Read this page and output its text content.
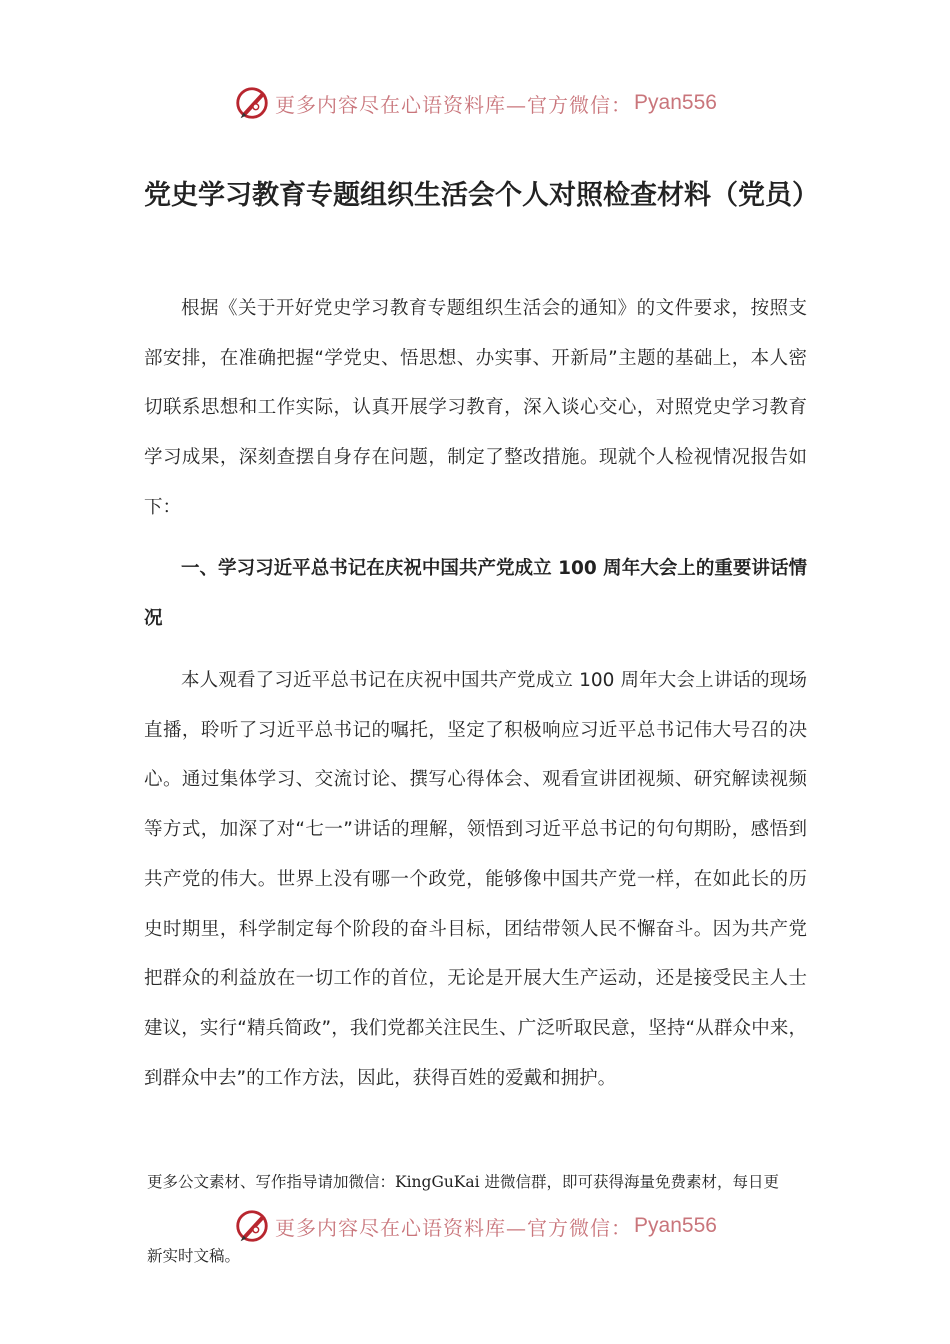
更多内容尽在心语资料库—官方微信： Pyan556
党史学习教育专题组织生活会个人对照检查材料（党员）

根据《关于开好党史学习教育专题组织生活会的通知》的文件要求，按照支部安排，在准确把握“学党史、悟思想、办实事、开新局”主题的基础上，本人密切联系思想和工作实际，认真开展学习教育，深入谈心交心，对照党史学习教育学习成果，深刻查摆自身存在问题，制定了整改措施。现就个人检视情况报告如下：

一、学习习近平总书记在庆祝中国共产党成立 100 周年大会上的重要讲话情况

本人观看了习近平总书记在庆祝中国共产党成立 100 周年大会上讲话的现场直播，聆听了习近平总书记的嘱托，坚定了积极响应习近平总书记伟大号召的决心。通过集体学习、交流讨论、撰写心得体会、观看宣讲团视频、研究解读视频等方式，加深了对“七一”讲话的理解，领悟到习近平总书记的句句期盼，感悟到共产党的伟大。世界上没有哪一个政党，能够像中国共产党一样，在如此长的历史时期里，科学制定每个阶段的奋斗目标，团结带领人民不懈奋斗。因为共产党把群众的利益放在一切工作的首位，无论是开展大生产运动，还是接受民主人士建议，实行“精兵简政”，我们党都关注民生、广泛听取民意，坚持“从群众中来，到群众中去”的工作方法，因此，获得百姓的爱戴和拥护。

更多公文素材、写作指导请加微信：KingGuKai 进微信群，即可获得海量免费素材，每日更

更多内容尽在心语资料库—官方微信： Pyan556

新实时文稿。
